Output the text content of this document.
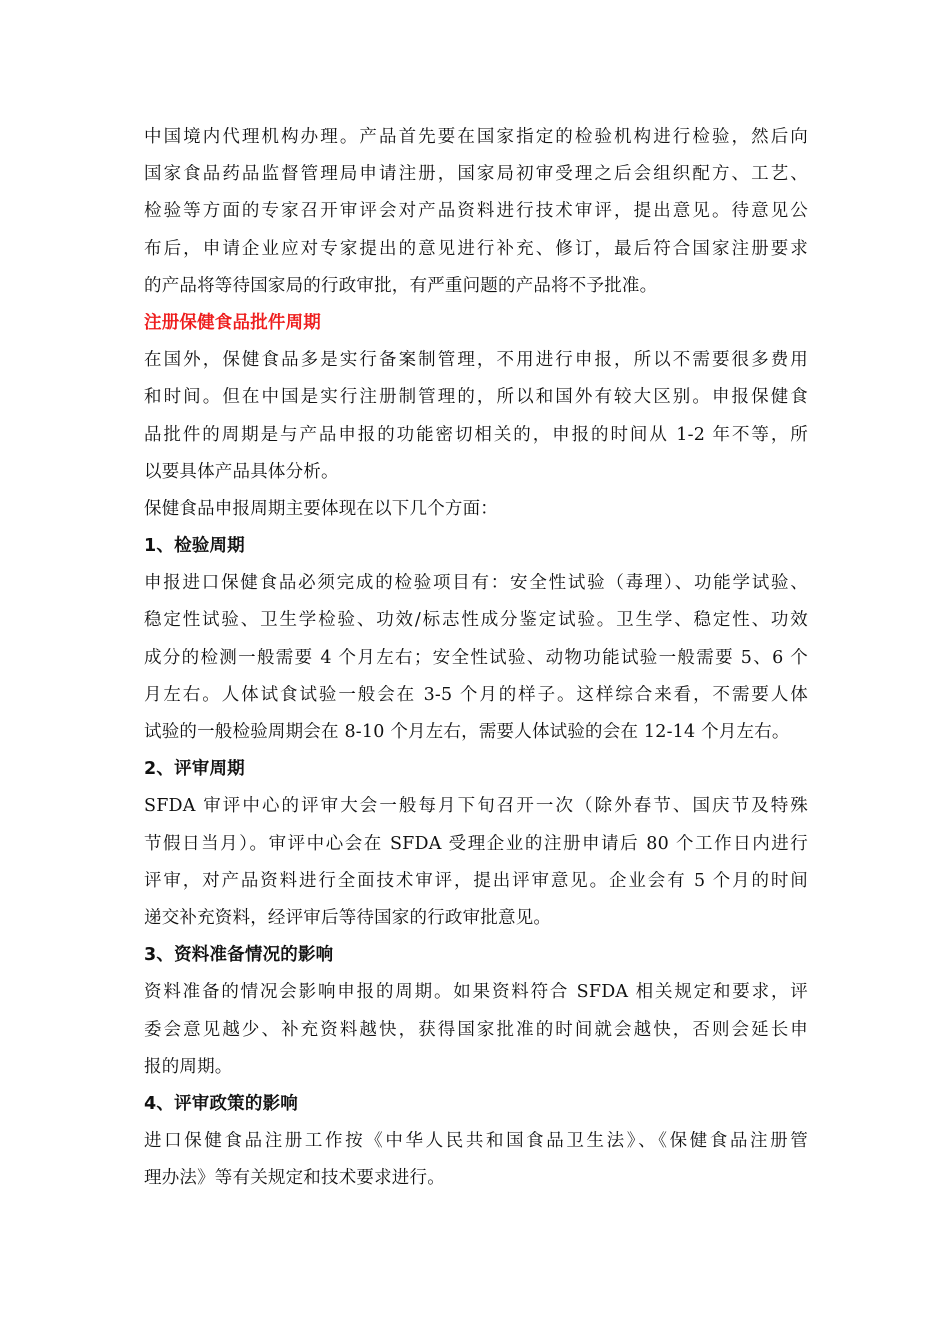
中国境内代理机构办理。产品首先要在国家指定的检验机构进行检验，然后向
国家食品药品监督管理局申请注册，国家局初审受理之后会组织配方、工艺、
检验等方面的专家召开审评会对产品资料进行技术审评，提出意见。待意见公
布后，申请企业应对专家提出的意见进行补充、修订，最后符合国家注册要求
的产品将等待国家局的行政审批，有严重问题的产品将不予批准。
注册保健食品批件周期
在国外，保健食品多是实行备案制管理，不用进行申报，所以不需要很多费用
和时间。但在中国是实行注册制管理的，所以和国外有较大区别。申报保健食
品批件的周期是与产品申报的功能密切相关的，申报的时间从 1-2 年不等，所
以要具体产品具体分析。
保健食品申报周期主要体现在以下几个方面：
1、检验周期
申报进口保健食品必须完成的检验项目有：安全性试验（毒理）、功能学试验、
稳定性试验、卫生学检验、功效/标志性成分鉴定试验。卫生学、稳定性、功效
成分的检测一般需要 4 个月左右；安全性试验、动物功能试验一般需要 5、6 个
月左右。人体试食试验一般会在 3-5 个月的样子。这样综合来看，不需要人体
试验的一般检验周期会在 8-10 个月左右，需要人体试验的会在 12-14 个月左右。
2、评审周期
SFDA 审评中心的评审大会一般每月下旬召开一次（除外春节、国庆节及特殊
节假日当月）。审评中心会在 SFDA 受理企业的注册申请后 80 个工作日内进行
评审，对产品资料进行全面技术审评，提出评审意见。企业会有 5 个月的时间
递交补充资料，经评审后等待国家的行政审批意见。
3、资料准备情况的影响
资料准备的情况会影响申报的周期。如果资料符合 SFDA 相关规定和要求，评
委会意见越少、补充资料越快，获得国家批准的时间就会越快，否则会延长申
报的周期。
4、评审政策的影响
进口保健食品注册工作按《中华人民共和国食品卫生法》、《保健食品注册管
理办法》等有关规定和技术要求进行。
